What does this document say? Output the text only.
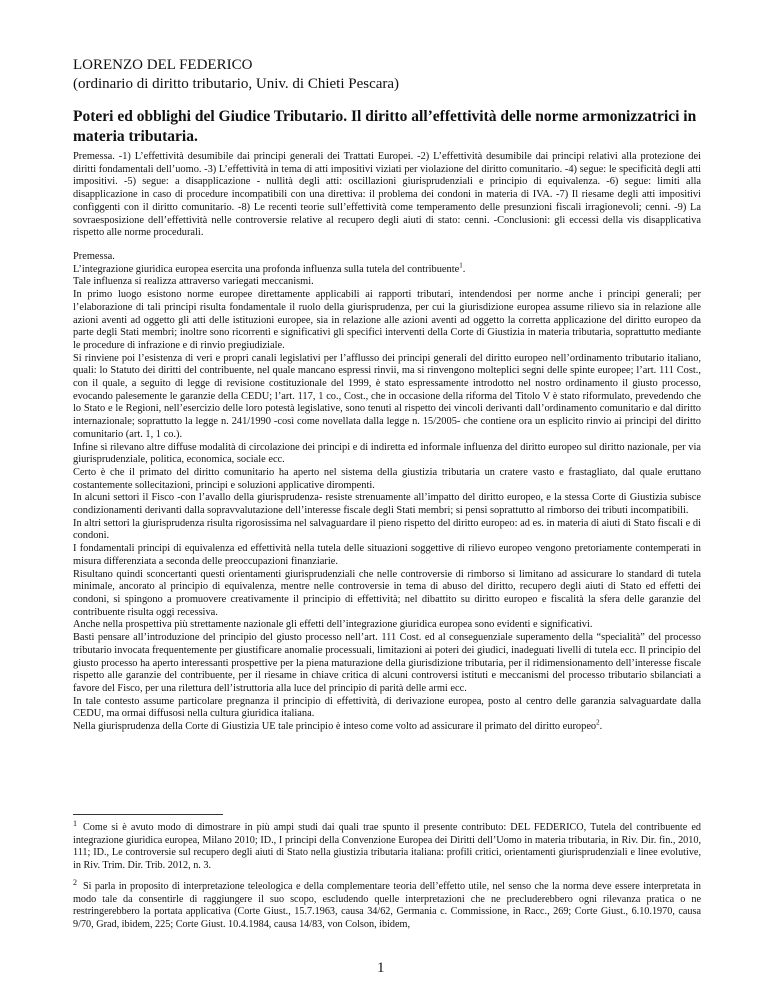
LORENZO DEL FEDERICO
(ordinario di diritto tributario, Univ. di Chieti Pescara)
Poteri ed obblighi del Giudice Tributario. Il diritto all’effettività delle norme armonizzatrici in materia tributaria.
Premessa. -1) L’effettività desumibile dai principi generali dei Trattati Europei. -2) L’effettività desumibile dai principi relativi alla protezione dei diritti fondamentali dell’uomo. -3) L’effettività in tema di atti impositivi viziati per violazione del diritto comunitario. -4) segue: le specificità degli atti impositivi. -5) segue: a disapplicazione - nullità degli atti: oscillazioni giurisprudenziali e principio di equivalenza. -6) segue: limiti alla disapplicazione in caso di procedure incompatibili con una direttiva: il problema dei condoni in materia di IVA. -7) Il riesame degli atti impositivi configgenti con il diritto comunitario. -8) Le recenti teorie sull’effettività come temperamento delle presunzioni fiscali irragionevoli; cenni. -9) La sovraesposizione dell’effettività nelle controversie relative al recupero degli aiuti di stato: cenni. -Conclusioni: gli eccessi della vis disapplicativa rispetto alle norme procedurali.

Premessa.

L’integrazione giuridica europea esercita una profonda influenza sulla tutela del contribuente$^1$.

Tale influenza si realizza attraverso variegati meccanismi.

In primo luogo esistono norme europee direttamente applicabili ai rapporti tributari, intendendosi per norme anche i principi generali; per l’elaborazione di tali principi risulta fondamentale il ruolo della giurisprudenza, per cui la giurisdizione europea assume rilievo sia in relazione alle azioni aventi ad oggetto gli atti delle istituzioni europee, sia in relazione alle azioni aventi ad oggetto la corretta applicazione del diritto europeo da parte degli Stati membri; inoltre sono ricorrenti e significativi gli specifici interventi della Corte di Giustizia in materia tributaria, soprattutto mediante le procedure di infrazione e di rinvio pregiudiziale.

Si rinviene poi l’esistenza di veri e propri canali legislativi per l’afflusso dei principi generali del diritto europeo nell’ordinamento tributario italiano, quali: lo Statuto dei diritti del contribuente, nel quale mancano espressi rinvii, ma si rinvengono molteplici segni delle spinte europee; l’art. 111 Cost., con il quale, a seguito di legge di revisione costituzionale del 1999, è stato espressamente introdotto nel nostro ordinamento il giusto processo, evocando palesemente le garanzie della CEDU; l’art. 117, 1 co., Cost., che in occasione della riforma del Titolo V è stato riformulato, prevedendo che lo Stato e le Regioni, nell’esercizio delle loro potestà legislative, sono tenuti al rispetto dei vincoli derivanti dall’ordinamento comunitario e dal diritto internazionale; soprattutto la legge n. 241/1990 -così come novellata dalla legge n. 15/2005- che contiene ora un esplicito rinvio ai principi del diritto comunitario (art. 1, 1 co.).

Infine si rilevano altre diffuse modalità di circolazione dei principi e di indiretta ed informale influenza del diritto europeo sul diritto nazionale, per via giurisprudenziale, politica, economica, sociale ecc.

Certo è che il primato del diritto comunitario ha aperto nel sistema della giustizia tributaria un cratere vasto e frastagliato, dal quale eruttano costantemente sollecitazioni, principi e soluzioni applicative dirompenti.

In alcuni settori il Fisco -con l’avallo della giurisprudenza- resiste strenuamente all’impatto del diritto europeo, e la stessa Corte di Giustizia subisce condizionamenti derivanti dalla sopravvalutazione dell’interesse fiscale degli Stati membri; si pensi soprattutto al rimborso dei tributi incompatibili.

In altri settori la giurisprudenza risulta rigorosissima nel salvaguardare il pieno rispetto del diritto europeo: ad es. in materia di aiuti di Stato fiscali e di condoni.

I fondamentali principi di equivalenza ed effettività nella tutela delle situazioni soggettive di rilievo europeo vengono pretoriamente contemperati in misura differenziata a seconda delle preoccupazioni finanziarie.

Risultano quindi sconcertanti questi orientamenti giurisprudenziali che nelle controversie di rimborso si limitano ad assicurare lo standard di tutela minimale, ancorato al principio di equivalenza, mentre nelle controversie in tema di abuso del diritto, recupero degli aiuti di Stato ed effetti dei condoni, si spingono a promuovere creativamente il principio di effettività; nel dibattito su diritto europeo e fiscalità la sfera delle garanzie del contribuente risulta oggi recessiva.

Anche nella prospettiva più strettamente nazionale gli effetti dell’integrazione giuridica europea sono evidenti e significativi.

Basti pensare all’introduzione del principio del giusto processo nell’art. 111 Cost. ed al conseguenziale superamento della “specialità” del processo tributario invocata frequentemente per giustificare anomalie processuali, limitazioni ai poteri dei giudici, inadeguati livelli di tutela ecc. Il principio del giusto processo ha aperto interessanti prospettive per la piena maturazione della giurisdizione tributaria, per il ridimensionamento dell’interesse fiscale rispetto alle garanzie del contribuente, per il riesame in chiave critica di alcuni controversi istituti e meccanismi del processo tributario sbilanciati a favore del Fisco, per una rilettura dell’istruttoria alla luce del principio di parità delle armi ecc.

In tale contesto assume particolare pregnanza il principio di effettività, di derivazione europea, posto al centro delle garanzia salvaguardate dalla CEDU, ma ormai diffusosi nella cultura giuridica italiana.

Nella giurisprudenza della Corte di Giustizia UE tale principio è inteso come volto ad assicurare il primato del diritto europeo$^2$.

$^1$ Come si è avuto modo di dimostrare in più ampi studi dai quali trae spunto il presente contributo: DEL FEDERICO, Tutela del contribuente ed integrazione giuridica europea, Milano 2010; ID., I principi della Convenzione Europea dei Diritti dell’Uomo in materia tributaria, in Riv. Dir. fin., 2010, 111; ID., Le controversie sul recupero degli aiuti di Stato nella giustizia tributaria italiana: profili critici, orientamenti giurisprudenziali e linee evolutive, in Riv. Trim. Dir. Trib. 2012, n. 3.
$^2$ Si parla in proposito di interpretazione teleologica e della complementare teoria dell’effetto utile, nel senso che la norma deve essere interpretata in modo tale da consentirle di raggiungere il suo scopo, escludendo quelle interpretazioni che ne precluderebbero ogni rilevanza pratica o ne restringerebbero la portata applicativa (Corte Giust., 15.7.1963, causa 34/62, Germania c. Commissione, in Racc., 269; Corte Giust., 6.10.1970, causa 9/70, Grad, ibidem, 225; Corte Giust. 10.4.1984, causa 14/83, von Colson, ibidem,
1
